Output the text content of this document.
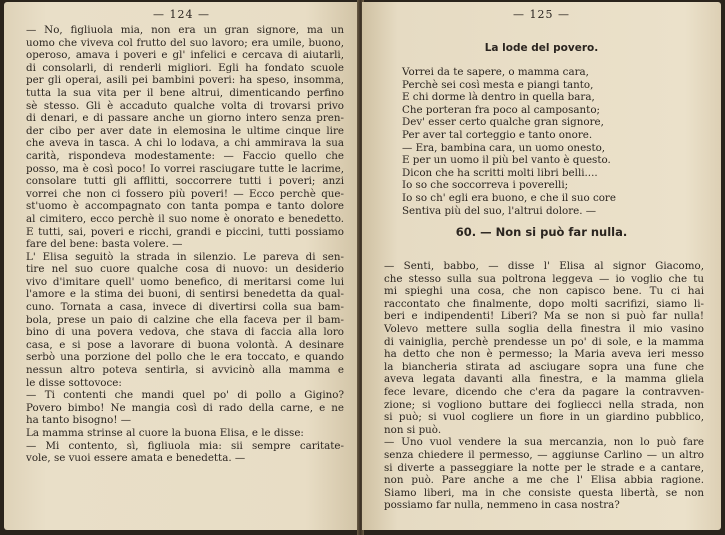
— 124 —
— No, figliuola mia, non era un gran signore, ma un
uomo che viveva col frutto del suo lavoro; era umile, buono,
operoso, amava i poveri e gl' infelici e cercava di aiutarli,
di consolarli, di renderli migliori. Egli ha fondato scuole
per gli operai, asili pei bambini poveri: ha speso, insomma,
tutta la sua vita per il bene altrui, dimenticando perfino
sè stesso. Gli è accaduto qualche volta di trovarsi privo
di denari, e di passare anche un giorno intero senza pren-
der cibo per aver date in elemosina le ultime cinque lire
che aveva in tasca. A chi lo lodava, a chi ammirava la sua
carità, rispondeva modestamente: — Faccio quello che
posso, ma è così poco! Io vorrei rasciugare tutte le lacrime,
consolare tutti gli afflitti, soccorrere tutti i poveri; anzi
vorrei che non ci fossero più poveri! — Ecco perchè que-
st'uomo è accompagnato con tanta pompa e tanto dolore
al cimitero, ecco perchè il suo nome è onorato e benedetto.
E tutti, sai, poveri e ricchi, grandi e piccini, tutti possiamo
fare del bene: basta volere. —
L' Elisa seguitò la strada in silenzio. Le pareva di sen-
tire nel suo cuore qualche cosa di nuovo: un desiderio
vivo d'imitare quell' uomo benefico, di meritarsi come lui
l'amore e la stima dei buoni, di sentirsi benedetta da qual-
cuno. Tornata a casa, invece di divertirsi colla sua bam-
bola, prese un paio di calzine che ella faceva per il bam-
bino di una povera vedova, che stava di faccia alla loro
casa, e si pose a lavorare di buona volontà. A desinare
serbò una porzione del pollo che le era toccato, e quando
nessun altro poteva sentirla, si avvicinò alla mamma e
le disse sottovoce:
— Ti contenti che mandi quel po' di pollo a Gigino?
Povero bimbo! Ne mangia così di rado della carne, e ne
ha tanto bisogno! —
La mamma strinse al cuore la buona Elisa, e le disse:
— Mi contento, sì, figliuola mia: sii sempre caritate-
vole, se vuoi essere amata e benedetta. —
— 125 —
La lode del povero.
Vorrei da te sapere, o mamma cara,
Perchè sei così mesta e piangi tanto,
E chi dorme là dentro in quella bara,
Che porteran fra poco al camposanto;
Dev' esser certo qualche gran signore,
Per aver tal corteggio e tanto onore.
— Era, bambina cara, un uomo onesto,
E per un uomo il più bel vanto è questo.
Dicon che ha scritti molti libri belli....
Io so che soccorreva i poverelli;
Io so ch' egli era buono, e che il suo core
Sentiva più del suo, l'altrui dolore. —
60. — Non si può far nulla.
— Senti, babbo, — disse l' Elisa al signor Giacomo,
che stesso sulla sua poltrona leggeva — io voglio che tu
mi spieghi una cosa, che non capisco bene. Tu ci hai
raccontato che finalmente, dopo molti sacrifizi, siamo li-
beri e indipendenti! Liberi? Ma se non si può far nulla!
Volevo mettere sulla soglia della finestra il mio vasino
di vainiglia, perchè prendesse un po' di sole, e la mamma
ha detto che non è permesso; la Maria aveva ieri messo
la biancheria stirata ad asciugare sopra una fune che
aveva legata davanti alla finestra, e la mamma gliela
fece levare, dicendo che c'era da pagare la contravven-
zione; si vogliono buttare dei fogliecci nella strada, non
si può; si vuol cogliere un fiore in un giardino pubblico,
non si può.
— Uno vuol vendere la sua mercanzia, non lo può fare
senza chiedere il permesso, — aggiunse Carlino — un altro
si diverte a passeggiare la notte per le strade e a cantare,
non può. Pare anche a me che l' Elisa abbia ragione.
Siamo liberi, ma in che consiste questa libertà, se non
possiamo far nulla, nemmeno in casa nostra?
